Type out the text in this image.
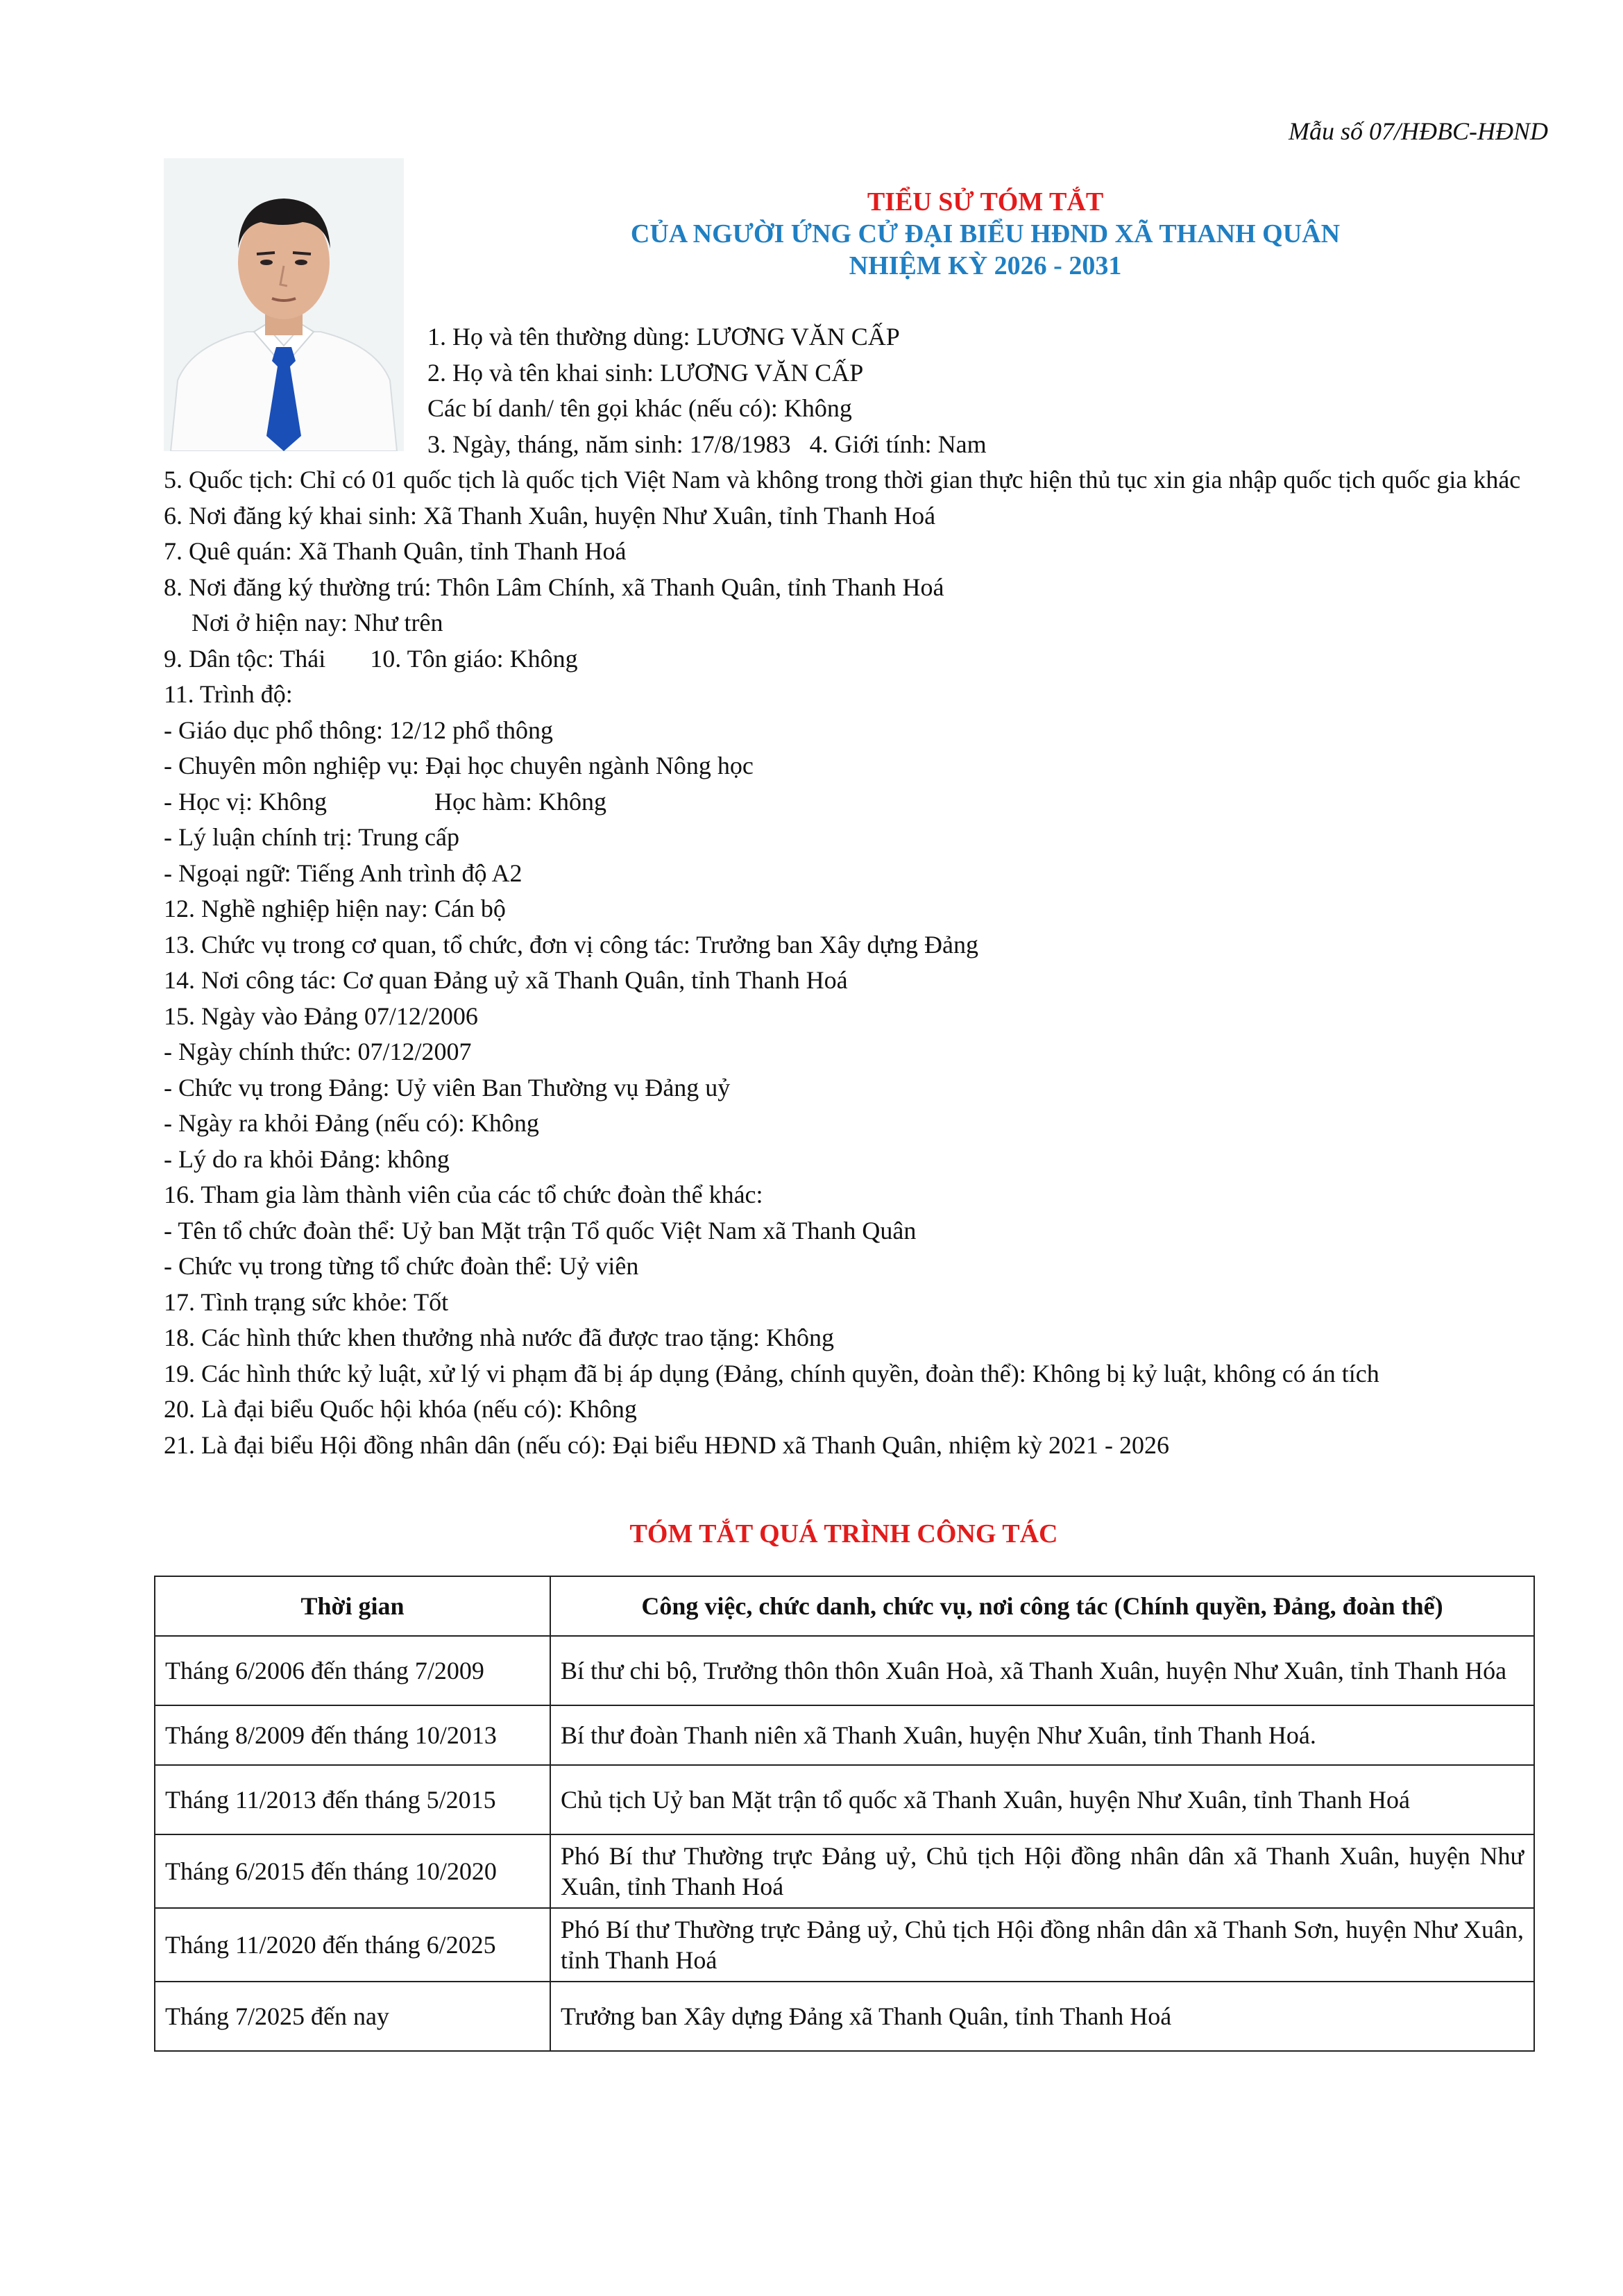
Mẫu số 07/HĐBC-HĐND
TIỂU SỬ TÓM TẮT
CỦA NGƯỜI ỨNG CỬ ĐẠI BIỂU HĐND XÃ THANH QUÂN
NHIỆM KỲ 2026 - 2031
1. Họ và tên thường dùng: LƯƠNG VĂN CẤP
2. Họ và tên khai sinh: LƯƠNG VĂN CẤP
Các bí danh/ tên gọi khác (nếu có): Không
3. Ngày, tháng, năm sinh: 17/8/1983 4. Giới tính: Nam
5. Quốc tịch: Chỉ có 01 quốc tịch là quốc tịch Việt Nam và không trong thời gian thực hiện thủ tục xin gia nhập quốc tịch quốc gia khác
6. Nơi đăng ký khai sinh: Xã Thanh Xuân, huyện Như Xuân, tỉnh Thanh Hoá
7. Quê quán: Xã Thanh Quân, tỉnh Thanh Hoá
8. Nơi đăng ký thường trú: Thôn Lâm Chính, xã Thanh Quân, tỉnh Thanh Hoá
Nơi ở hiện nay: Như trên
9. Dân tộc: Thái 10. Tôn giáo: Không
11. Trình độ:
- Giáo dục phổ thông: 12/12 phổ thông
- Chuyên môn nghiệp vụ: Đại học chuyên ngành Nông học
- Học vị: Không	Học hàm: Không
- Lý luận chính trị: Trung cấp
- Ngoại ngữ: Tiếng Anh trình độ A2
12. Nghề nghiệp hiện nay: Cán bộ
13. Chức vụ trong cơ quan, tổ chức, đơn vị công tác: Trưởng ban Xây dựng Đảng
14. Nơi công tác: Cơ quan Đảng uỷ xã Thanh Quân, tỉnh Thanh Hoá
15. Ngày vào Đảng 07/12/2006
- Ngày chính thức: 07/12/2007
- Chức vụ trong Đảng: Uỷ viên Ban Thường vụ Đảng uỷ
- Ngày ra khỏi Đảng (nếu có): Không
- Lý do ra khỏi Đảng: không
16. Tham gia làm thành viên của các tổ chức đoàn thể khác:
- Tên tổ chức đoàn thể: Uỷ ban Mặt trận Tổ quốc Việt Nam xã Thanh Quân
- Chức vụ trong từng tổ chức đoàn thể: Uỷ viên
17. Tình trạng sức khỏe: Tốt
18. Các hình thức khen thưởng nhà nước đã được trao tặng: Không
19. Các hình thức kỷ luật, xử lý vi phạm đã bị áp dụng (Đảng, chính quyền, đoàn thể): Không bị kỷ luật, không có án tích
20. Là đại biểu Quốc hội khóa (nếu có): Không
21. Là đại biểu Hội đồng nhân dân (nếu có): Đại biểu HĐND xã Thanh Quân, nhiệm kỳ 2021 - 2026
TÓM TẮT QUÁ TRÌNH CÔNG TÁC
Thời gian	Công việc, chức danh, chức vụ, nơi công tác (Chính quyền, Đảng, đoàn thể)
Tháng 6/2006 đến tháng 7/2009	Bí thư chi bộ, Trưởng thôn thôn Xuân Hoà, xã Thanh Xuân, huyện Như Xuân, tỉnh Thanh Hóa
Tháng 8/2009 đến tháng 10/2013	Bí thư đoàn Thanh niên xã Thanh Xuân, huyện Như Xuân, tỉnh Thanh Hoá.
Tháng 11/2013 đến tháng 5/2015	Chủ tịch Uỷ ban Mặt trận tổ quốc xã Thanh Xuân, huyện Như Xuân, tỉnh Thanh Hoá
Tháng 6/2015 đến tháng 10/2020	Phó Bí thư Thường trực Đảng uỷ, Chủ tịch Hội đồng nhân dân xã Thanh Xuân, huyện Như Xuân, tỉnh Thanh Hoá
Tháng 11/2020 đến tháng 6/2025	Phó Bí thư Thường trực Đảng uỷ, Chủ tịch Hội đồng nhân dân xã Thanh Sơn, huyện Như Xuân, tỉnh Thanh Hoá
Tháng 7/2025 đến nay	Trưởng ban Xây dựng Đảng xã Thanh Quân, tỉnh Thanh Hoá
